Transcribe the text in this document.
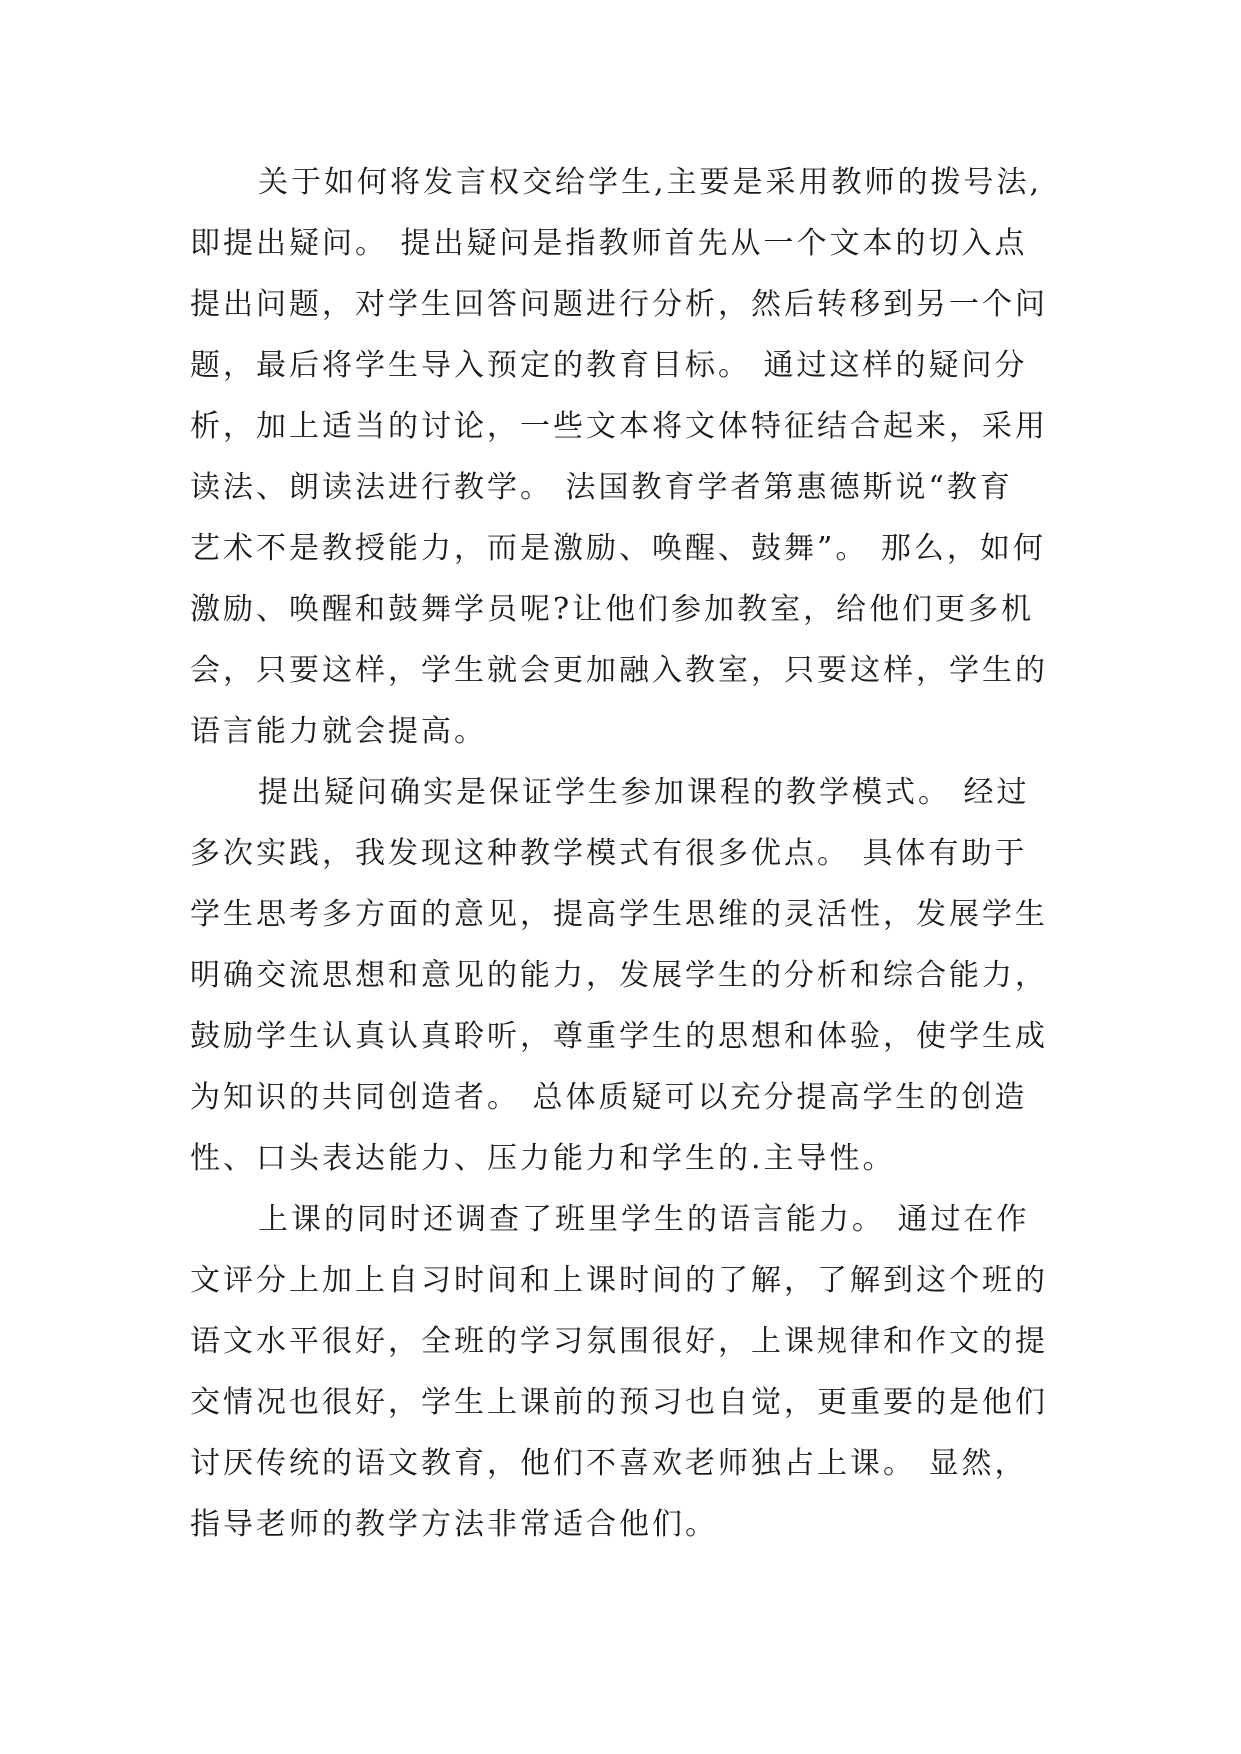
关于如何将发言权交给学生,主要是采用教师的拨号法,
即提出疑问。 提出疑问是指教师首先从一个文本的切入点
提出问题，对学生回答问题进行分析，然后转移到另一个问
题，最后将学生导入预定的教育目标。 通过这样的疑问分
析，加上适当的讨论，一些文本将文体特征结合起来，采用
读法、朗读法进行教学。 法国教育学者第惠德斯说“教育
艺术不是教授能力，而是激励、唤醒、鼓舞”。 那么，如何
激励、唤醒和鼓舞学员呢?让他们参加教室，给他们更多机
会，只要这样，学生就会更加融入教室，只要这样，学生的
语言能力就会提高。
提出疑问确实是保证学生参加课程的教学模式。 经过
多次实践，我发现这种教学模式有很多优点。 具体有助于
学生思考多方面的意见，提高学生思维的灵活性，发展学生
明确交流思想和意见的能力，发展学生的分析和综合能力，
鼓励学生认真认真聆听，尊重学生的思想和体验，使学生成
为知识的共同创造者。 总体质疑可以充分提高学生的创造
性、口头表达能力、压力能力和学生的.主导性。
上课的同时还调查了班里学生的语言能力。 通过在作
文评分上加上自习时间和上课时间的了解，了解到这个班的
语文水平很好，全班的学习氛围很好，上课规律和作文的提
交情况也很好，学生上课前的预习也自觉，更重要的是他们
讨厌传统的语文教育，他们不喜欢老师独占上课。 显然，
指导老师的教学方法非常适合他们。
